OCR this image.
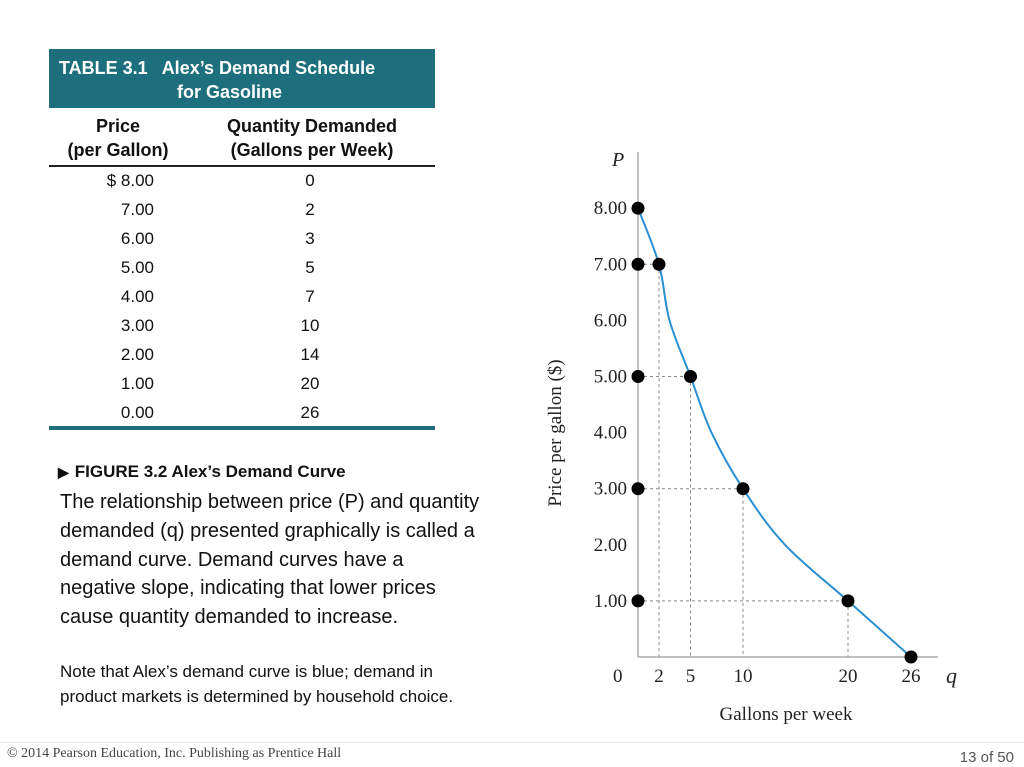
TABLE 3.1 Alex’s Demand Schedule
for Gasoline
Price
(per Gallon)
Quantity Demanded
(Gallons per Week)
$ 8.00	0
7.00	2
6.00	3
5.00	5
4.00	7
3.00	10
2.00	14
1.00	20
0.00	26
▶ FIGURE 3.2 Alex’s Demand Curve
The relationship between price (P) and quantity demanded (q) presented graphically is called a demand curve. Demand curves have a negative slope, indicating that lower prices cause quantity demanded to increase.
Note that Alex’s demand curve is blue; demand in product markets is determined by household choice.
1.00
2.00
3.00
4.00
5.00
6.00
7.00
8.00
2 5 10	20 26
P
q
0
Gallons per week
Price per gallon ($)
© 2014 Pearson Education, Inc. Publishing as Prentice Hall	13 of 50
